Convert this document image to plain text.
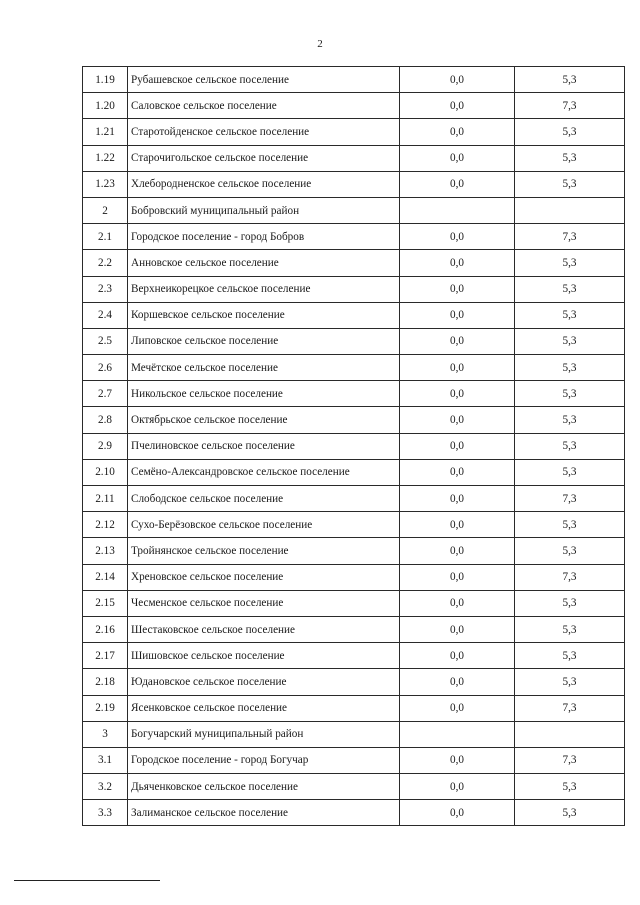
2
1.19	Рубашевское сельское поселение	0,0	5,3
1.20	Саловское сельское поселение	0,0	7,3
1.21	Старотойденское сельское поселение	0,0	5,3
1.22	Старочигольское сельское поселение	0,0	5,3
1.23	Хлебородненское сельское поселение	0,0	5,3
2	Бобровский муниципальный район		
2.1	Городское поселение - город Бобров	0,0	7,3
2.2	Анновское сельское поселение	0,0	5,3
2.3	Верхнеикорецкое сельское поселение	0,0	5,3
2.4	Коршевское сельское поселение	0,0	5,3
2.5	Липовское сельское поселение	0,0	5,3
2.6	Мечётское сельское поселение	0,0	5,3
2.7	Никольское сельское поселение	0,0	5,3
2.8	Октябрьское сельское поселение	0,0	5,3
2.9	Пчелиновское сельское поселение	0,0	5,3
2.10	Семёно-Александровское сельское поселение	0,0	5,3
2.11	Слободское сельское поселение	0,0	7,3
2.12	Сухо-Берёзовское сельское поселение	0,0	5,3
2.13	Тройнянское сельское поселение	0,0	5,3
2.14	Хреновское сельское поселение	0,0	7,3
2.15	Чесменское сельское поселение	0,0	5,3
2.16	Шестаковское сельское поселение	0,0	5,3
2.17	Шишовское сельское поселение	0,0	5,3
2.18	Юдановское сельское поселение	0,0	5,3
2.19	Ясенковское сельское поселение	0,0	7,3
3	Богучарский муниципальный район		
3.1	Городское поселение - город Богучар	0,0	7,3
3.2	Дьяченковское сельское поселение	0,0	5,3
3.3	Залиманское сельское поселение	0,0	5,3
